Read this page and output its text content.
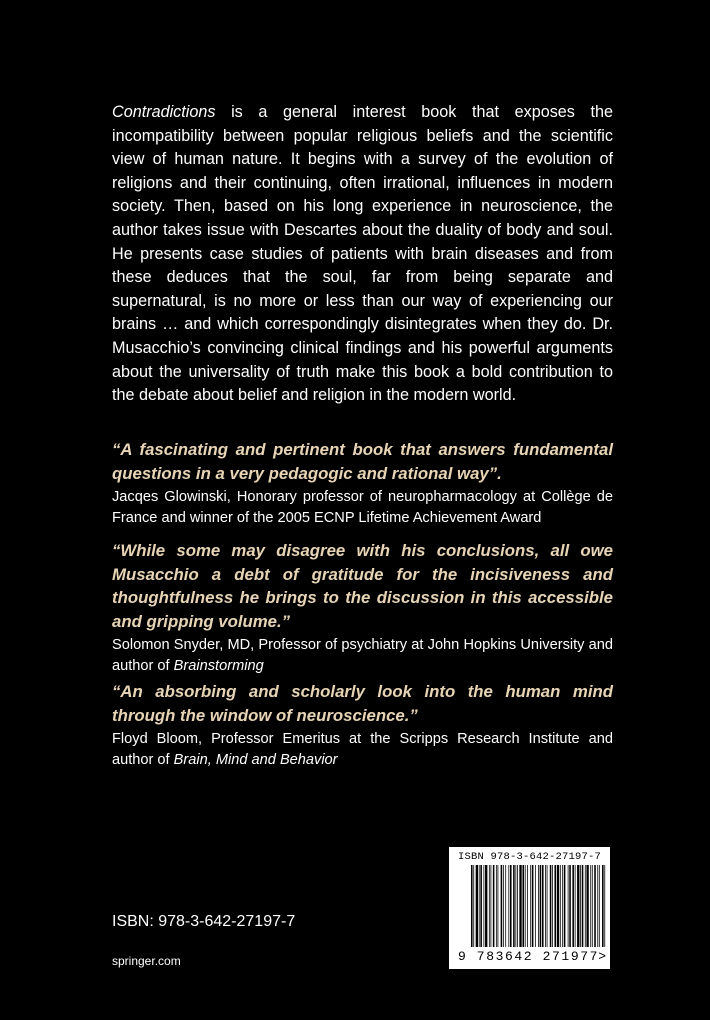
Contradictions is a general interest book that exposes the incompatibility between popular religious beliefs and the scientific view of human nature. It begins with a survey of the evolution of religions and their continuing, often irrational, influences in modern society. Then, based on his long experience in neuroscience, the author takes issue with Descartes about the duality of body and soul. He presents case studies of patients with brain diseases and from these deduces that the soul, far from being separate and supernatural, is no more or less than our way of experiencing our brains … and which correspondingly disintegrates when they do. Dr. Musacchio’s convincing clinical findings and his powerful arguments about the universality of truth make this book a bold contribution to the debate about belief and religion in the modern world.

“A fascinating and pertinent book that answers fundamental questions in a very pedagogic and rational way”.

Jacqes Glowinski, Honorary professor of neuropharmacology at Collège de France and winner of the 2005 ECNP Lifetime Achievement Award

“While some may disagree with his conclusions, all owe Musacchio a debt of gratitude for the incisiveness and thoughtfulness he brings to the discussion in this accessible and gripping volume.”

Solomon Snyder, MD, Professor of psychiatry at John Hopkins University and author of Brainstorming

“An absorbing and scholarly look into the human mind through the window of neuroscience.”

Floyd Bloom, Professor Emeritus at the Scripps Research Institute and author of Brain, Mind and Behavior

ISBN: 978-3-642-27197-7
springer.com
ISBN 978-3-642-27197-7
9 783642 271977 >
